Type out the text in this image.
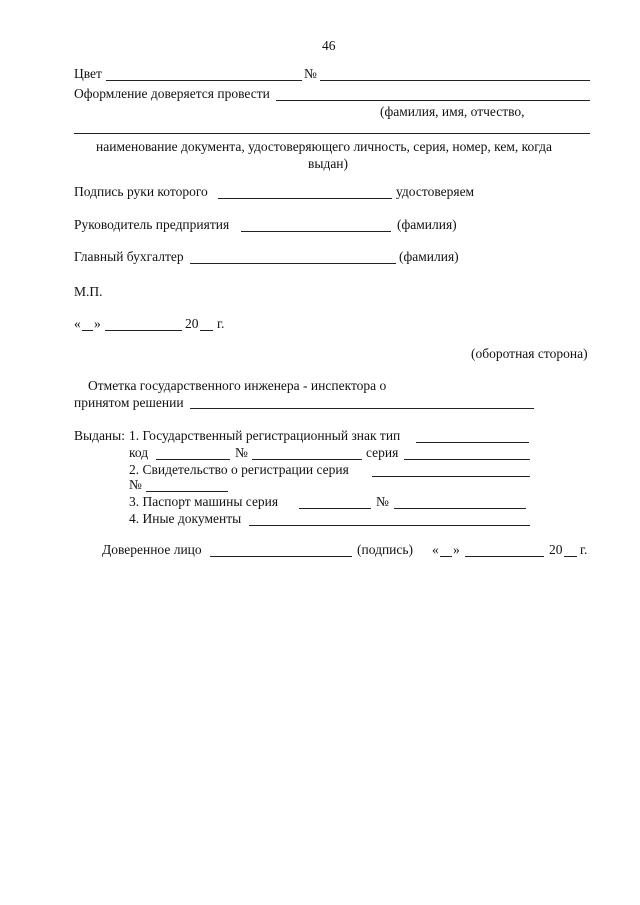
46
Цвет	№
Оформление доверяется провести
(фамилия, имя, отчество,
наименование документа, удостоверяющего личность, серия, номер, кем, когда
выдан)
Подпись руки которого	удостоверяем
Руководитель предприятия	(фамилия)
Главный бухгалтер	(фамилия)
М.П.
« »	20 г.
(оборотная сторона)
Отметка государственного инженера - инспектора о
принятом решении
Выданы: 1. Государственный регистрационный знак тип
код	№	серия
2. Свидетельство о регистрации серия
№
3. Паспорт машины серия	№
4. Иные документы
Доверенное лицо	(подпись) « »	20 г.
